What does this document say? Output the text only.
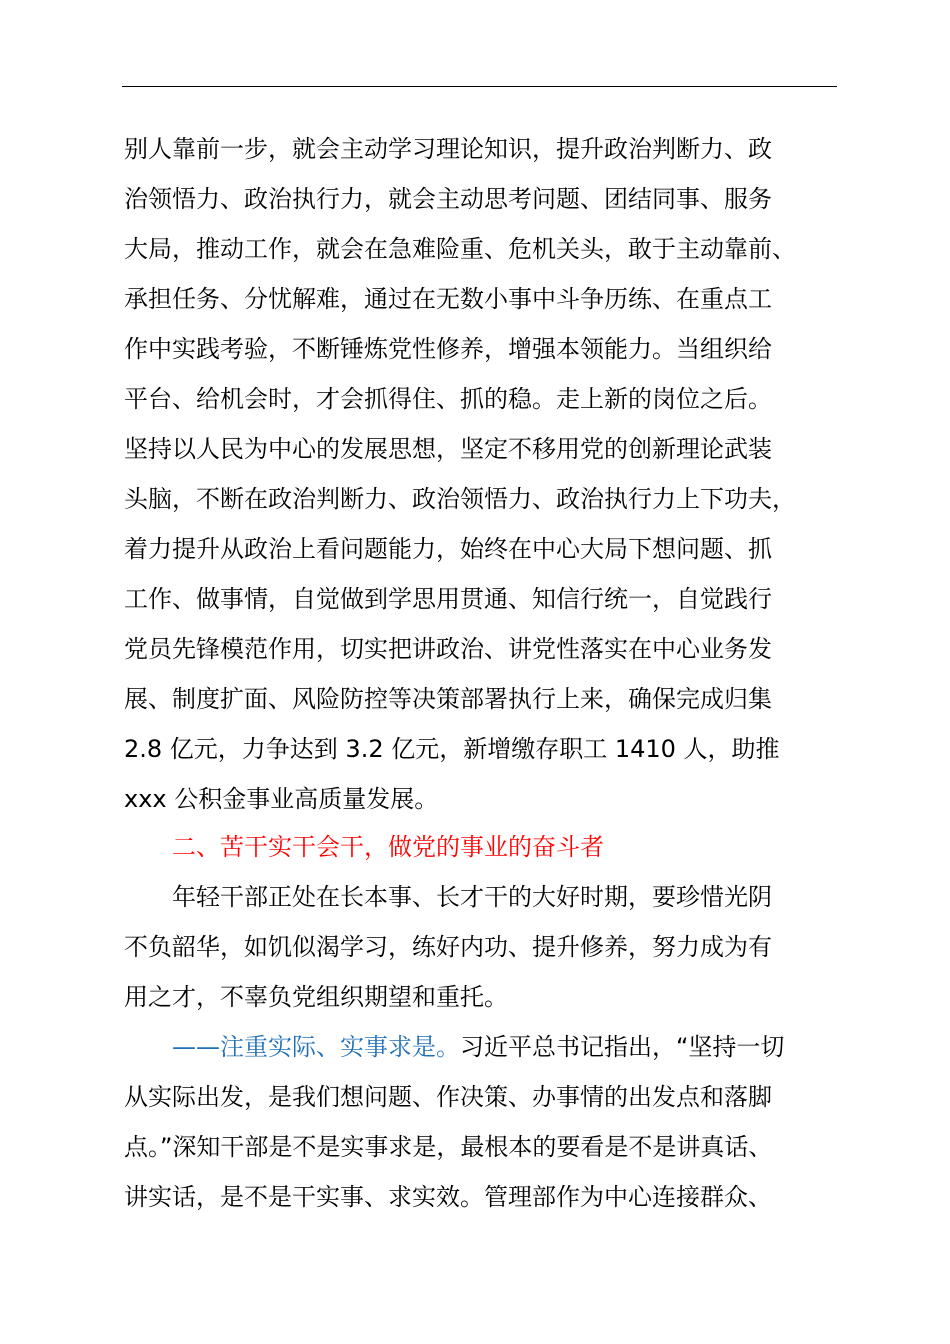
别人靠前一步，就会主动学习理论知识，提升政治判断力、政
治领悟力、政治执行力，就会主动思考问题、团结同事、服务
大局，推动工作，就会在急难险重、危机关头，敢于主动靠前、
承担任务、分忧解难，通过在无数小事中斗争历练、在重点工
作中实践考验，不断锤炼党性修养，增强本领能力。当组织给
平台、给机会时，才会抓得住、抓的稳。走上新的岗位之后。
坚持以人民为中心的发展思想，坚定不移用党的创新理论武装
头脑，不断在政治判断力、政治领悟力、政治执行力上下功夫，
着力提升从政治上看问题能力，始终在中心大局下想问题、抓
工作、做事情，自觉做到学思用贯通、知信行统一，自觉践行
党员先锋模范作用，切实把讲政治、讲党性落实在中心业务发
展、制度扩面、风险防控等决策部署执行上来，确保完成归集
2.8 亿元，力争达到 3.2 亿元，新增缴存职工 1410 人，助推
xxx 公积金事业高质量发展。
二、苦干实干会干，做党的事业的奋斗者
年轻干部正处在长本事、长才干的大好时期，要珍惜光阴
不负韶华，如饥似渴学习，练好内功、提升修养，努力成为有
用之才，不辜负党组织期望和重托。
——注重实际、实事求是。习近平总书记指出，“坚持一切
从实际出发，是我们想问题、作决策、办事情的出发点和落脚
点。”深知干部是不是实事求是，最根本的要看是不是讲真话、
讲实话，是不是干实事、求实效。管理部作为中心连接群众、
